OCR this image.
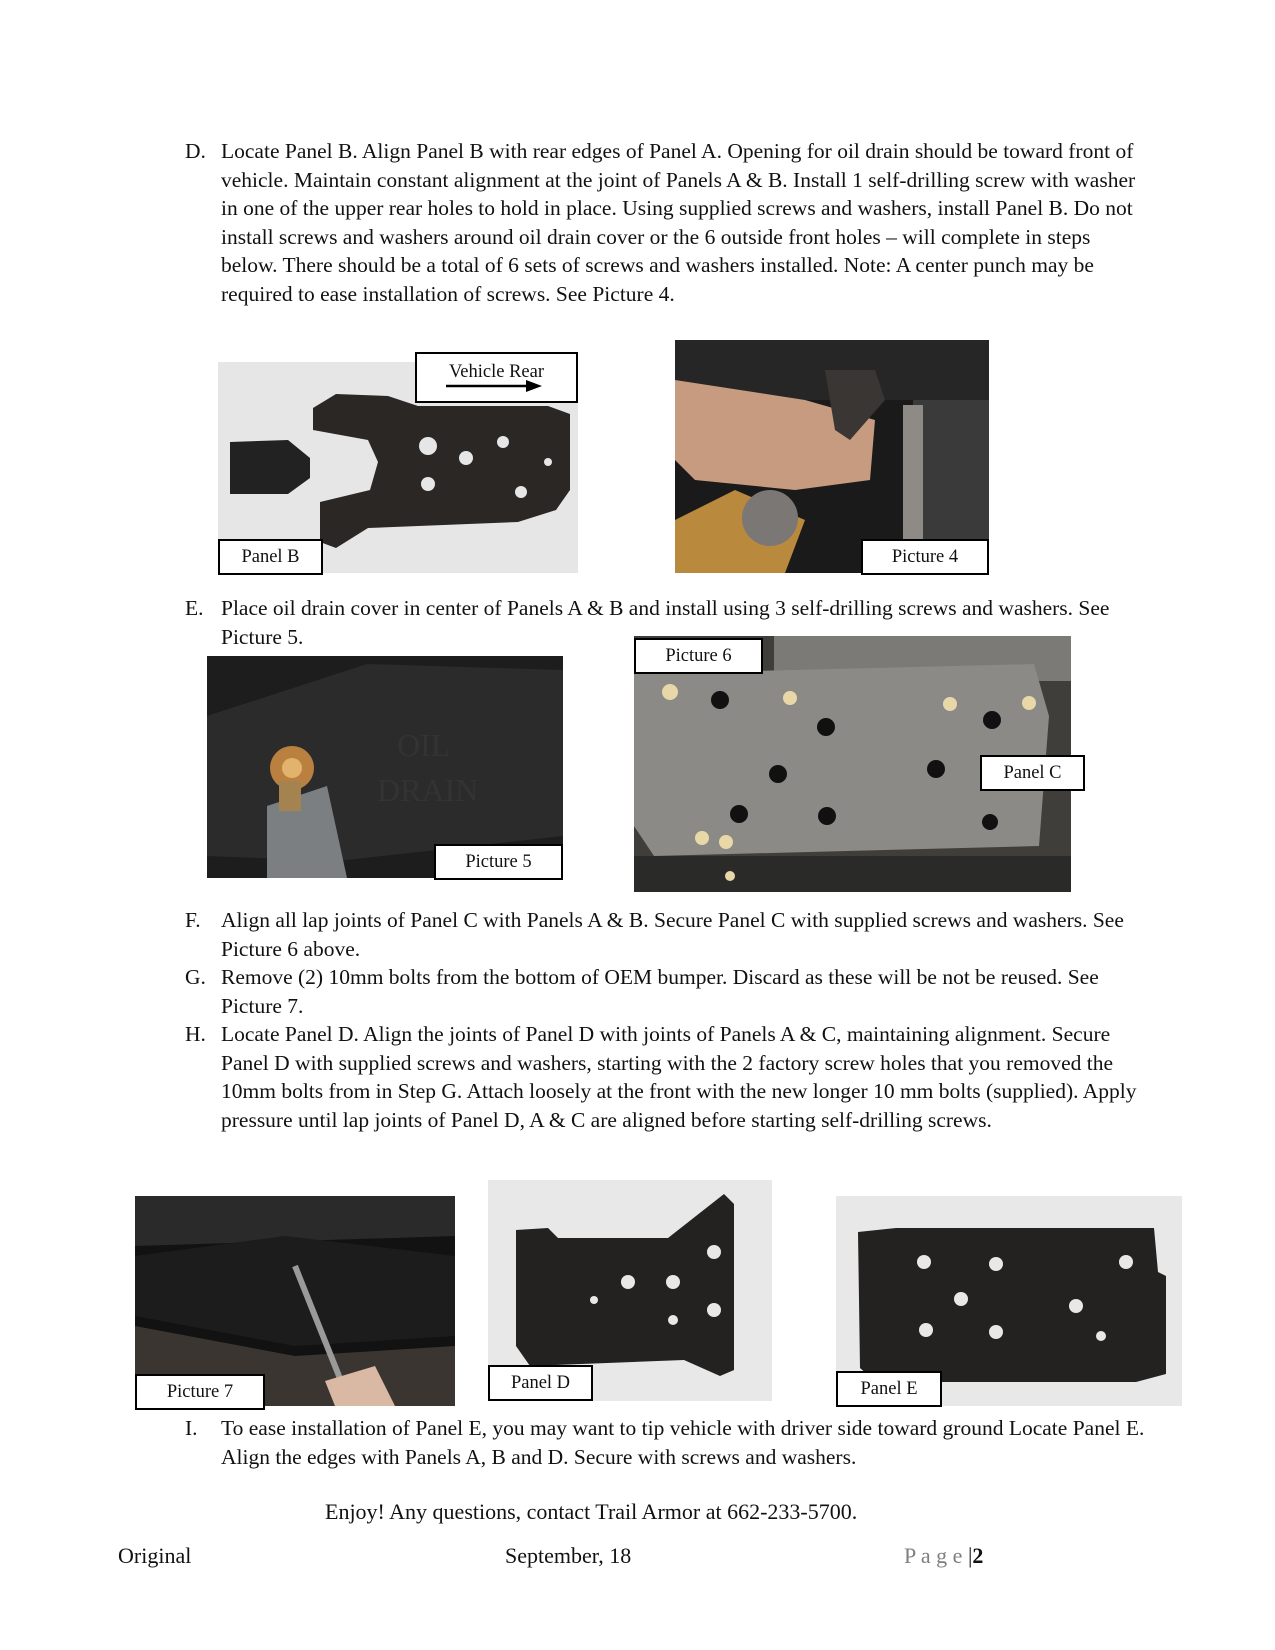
D. Locate Panel B. Align Panel B with rear edges of Panel A. Opening for oil drain should be toward front of vehicle. Maintain constant alignment at the joint of Panels A & B. Install 1 self-drilling screw with washer in one of the upper rear holes to hold in place. Using supplied screws and washers, install Panel B. Do not install screws and washers around oil drain cover or the 6 outside front holes – will complete in steps below. There should be a total of 6 sets of screws and washers installed. Note: A center punch may be required to ease installation of screws. See Picture 4.
Vehicle Rear
Panel B	Picture 4
E. Place oil drain cover in center of Panels A & B and install using 3 self-drilling screws and washers. See Picture 5.
OIL
DRAIN
Picture 5
Picture 6
Panel C
F. Align all lap joints of Panel C with Panels A & B. Secure Panel C with supplied screws and washers. See Picture 6 above.
G. Remove (2) 10mm bolts from the bottom of OEM bumper. Discard as these will be not be reused. See Picture 7.
H. Locate Panel D. Align the joints of Panel D with joints of Panels A & C, maintaining alignment. Secure Panel D with supplied screws and washers, starting with the 2 factory screw holes that you removed the 10mm bolts from in Step G. Attach loosely at the front with the new longer 10 mm bolts (supplied). Apply pressure until lap joints of Panel D, A & C are aligned before starting self-drilling screws.
Picture 7	Panel D	Panel E
I. To ease installation of Panel E, you may want to tip vehicle with driver side toward ground Locate Panel E. Align the edges with Panels A, B and D. Secure with screws and washers.
Enjoy! Any questions, contact Trail Armor at 662-233-5700.
Original	September, 18	P a g e |2
